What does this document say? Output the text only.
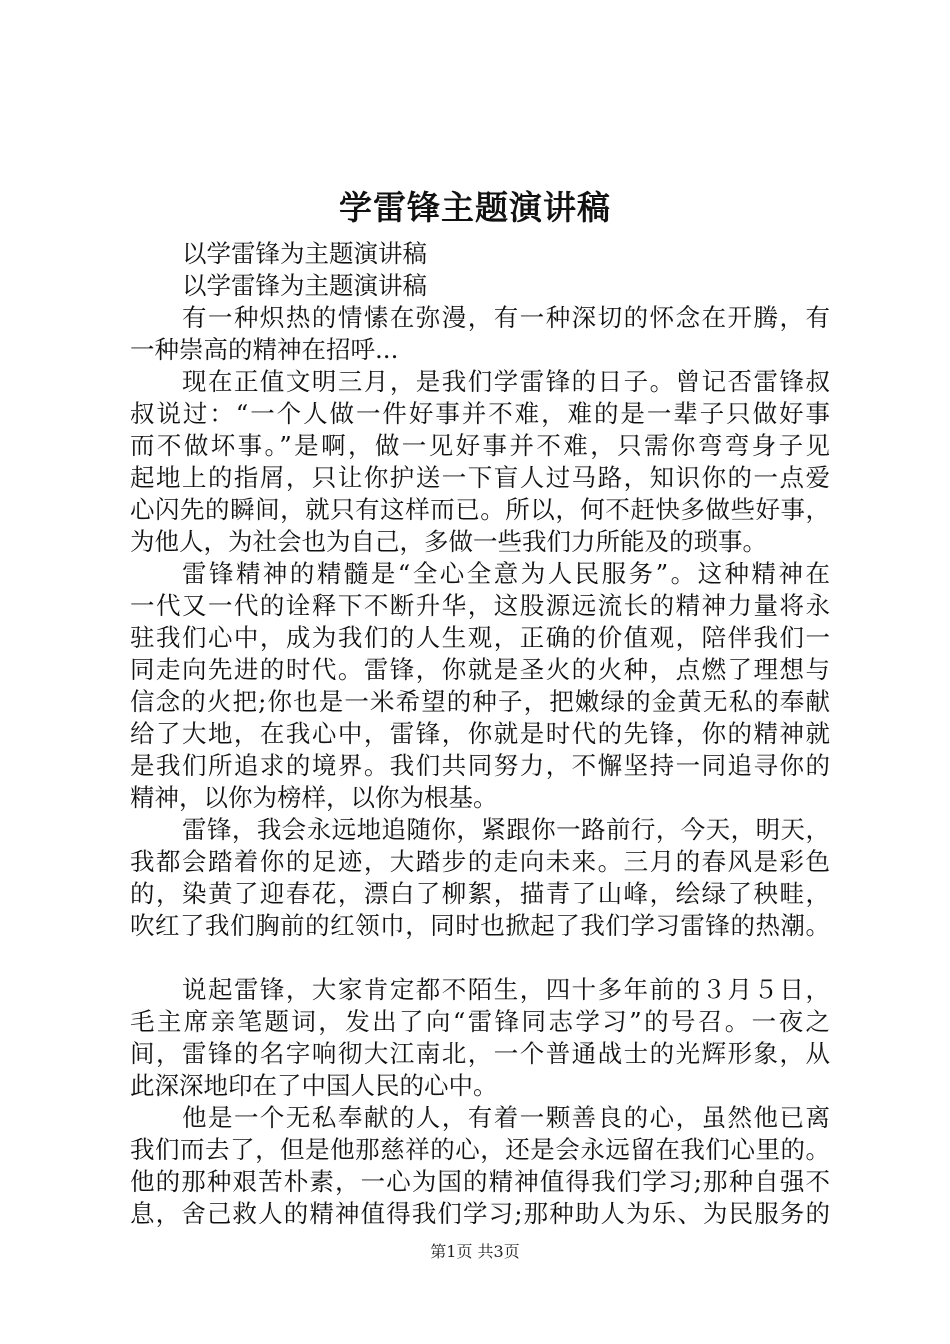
学雷锋主题演讲稿
以学雷锋为主题演讲稿
以学雷锋为主题演讲稿
有一种炽热的情愫在弥漫，有一种深切的怀念在开腾，有
一种崇高的精神在招呼...
现在正值文明三月，是我们学雷锋的日子。曾记否雷锋叔
叔说过：“一个人做一件好事并不难，难的是一辈子只做好事
而不做坏事。”是啊，做一见好事并不难，只需你弯弯身子见
起地上的指屑，只让你护送一下盲人过马路，知识你的一点爱
心闪先的瞬间，就只有这样而已。所以，何不赶快多做些好事，
为他人，为社会也为自己，多做一些我们力所能及的琐事。
雷锋精神的精髓是“全心全意为人民服务”。这种精神在
一代又一代的诠释下不断升华，这股源远流长的精神力量将永
驻我们心中，成为我们的人生观，正确的价值观，陪伴我们一
同走向先进的时代。雷锋，你就是圣火的火种，点燃了理想与
信念的火把;你也是一米希望的种子，把嫩绿的金黄无私的奉献
给了大地，在我心中，雷锋，你就是时代的先锋，你的精神就
是我们所追求的境界。我们共同努力，不懈坚持一同追寻你的
精神，以你为榜样，以你为根基。
雷锋，我会永远地追随你，紧跟你一路前行，今天，明天，
我都会踏着你的足迹，大踏步的走向未来。三月的春风是彩色
的，染黄了迎春花，漂白了柳絮，描青了山峰，绘绿了秧畦，
吹红了我们胸前的红领巾，同时也掀起了我们学习雷锋的热潮。
说起雷锋，大家肯定都不陌生，四十多年前的３月５日，
毛主席亲笔题词，发出了向“雷锋同志学习”的号召。一夜之
间，雷锋的名字响彻大江南北，一个普通战士的光辉形象，从
此深深地印在了中国人民的心中。
他是一个无私奉献的人，有着一颗善良的心，虽然他已离
我们而去了，但是他那慈祥的心，还是会永远留在我们心里的。
他的那种艰苦朴素，一心为国的精神值得我们学习;那种自强不
息，舍己救人的精神值得我们学习;那种助人为乐、为民服务的
第1页 共3页
